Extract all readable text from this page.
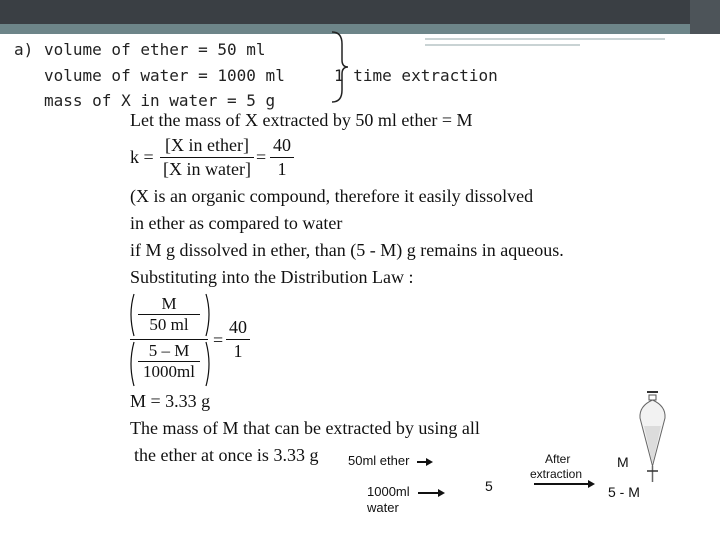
a) volume of ether = 50 ml
volume of water = 1000 ml
mass of X in water = 5 g
1 time extraction
Let the mass of X extracted by 50 ml ether = M
k =
[X in ether]
[X in water]
=
40
1
(X is an organic compound, therefore it easily dissolved
in ether as compared to water
if M g dissolved in ether, than (5 - M) g remains in aqueous.
Substituting into the Distribution Law :
M
50 ml
5 – M
1000ml
=
40
1
M = 3.33 g
The mass of M that can be extracted by using all
the ether at once is 3.33 g 50ml ether
1000ml
water
5
After
extraction
M
5 - M
